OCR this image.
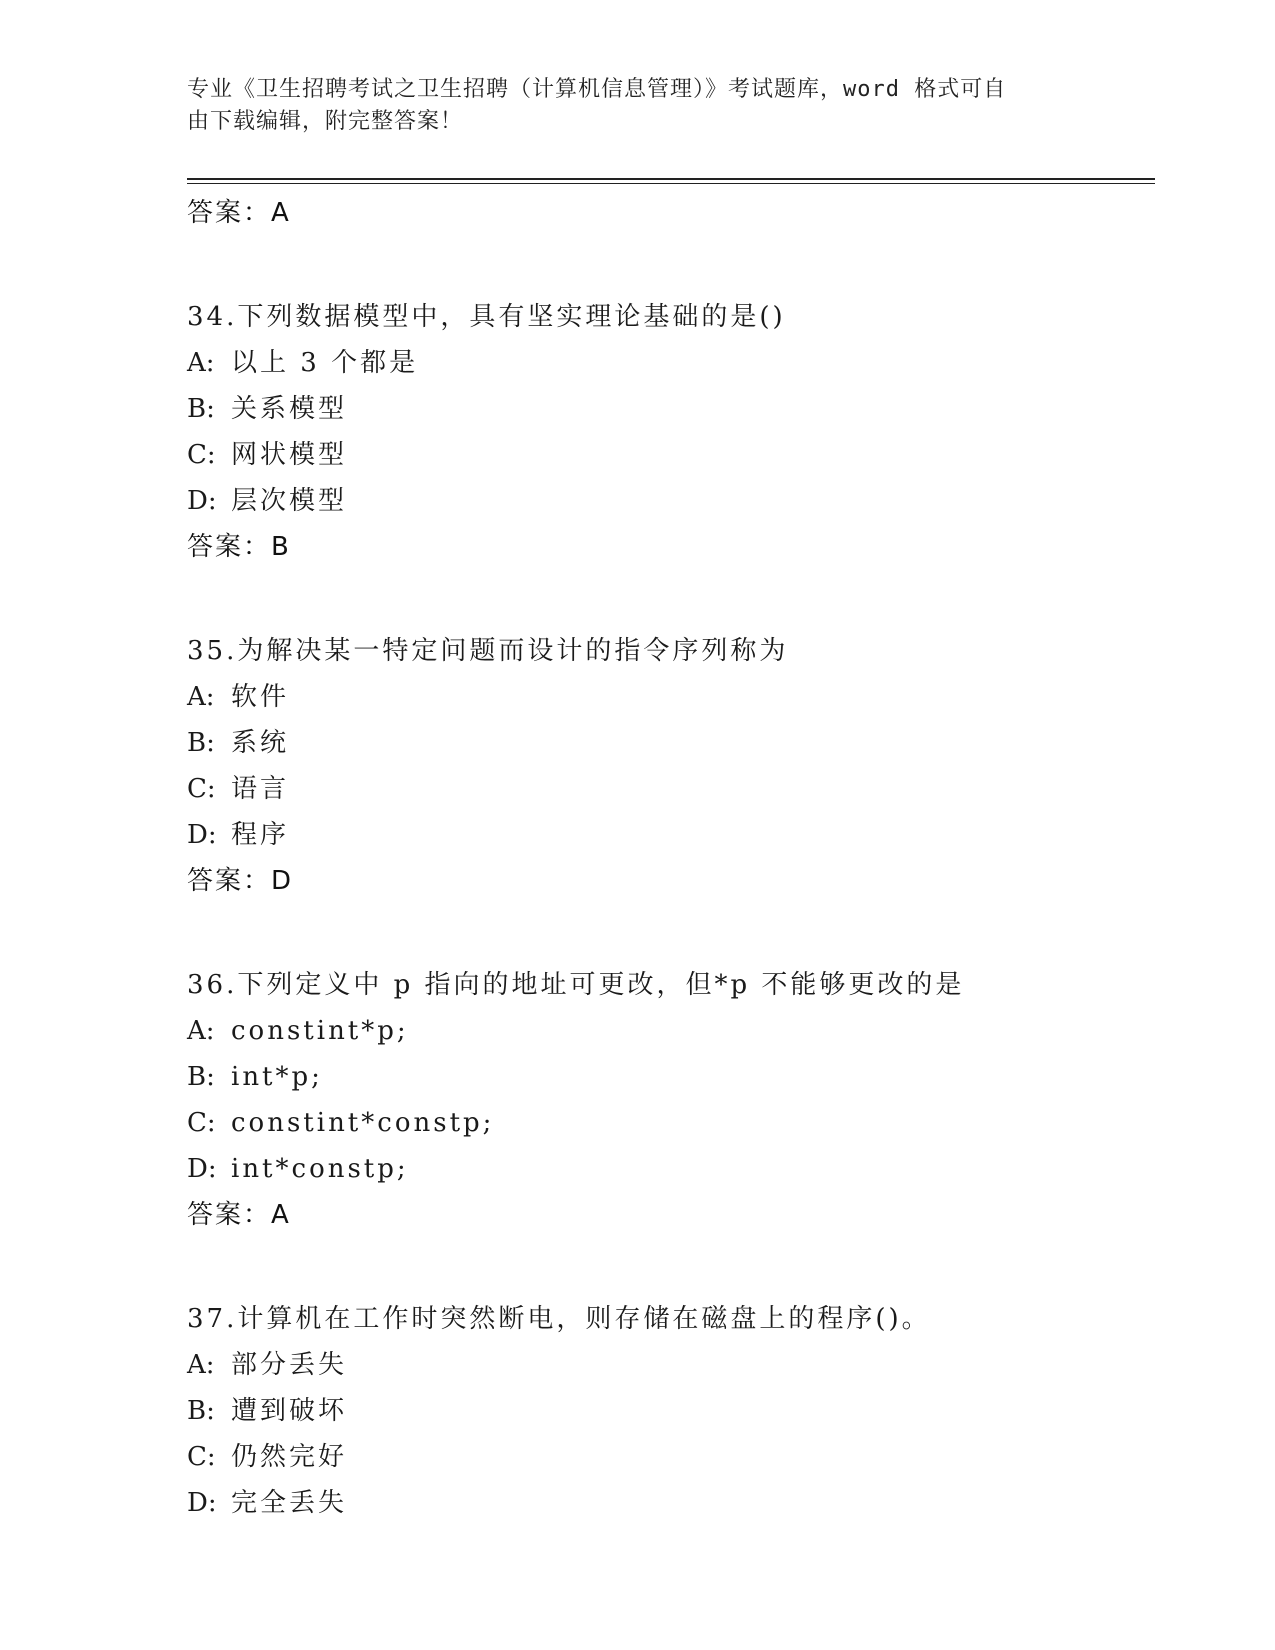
专业《卫生招聘考试之卫生招聘（计算机信息管理）》考试题库，word 格式可自
由下载编辑，附完整答案！
答案：A
34.下列数据模型中，具有坚实理论基础的是()
A: 以上 3 个都是
B: 关系模型
C: 网状模型
D: 层次模型
答案：B
35.为解决某一特定问题而设计的指令序列称为
A: 软件
B: 系统
C: 语言
D: 程序
答案：D
36.下列定义中 p 指向的地址可更改，但*p 不能够更改的是
A: constint*p;
B: int*p;
C: constint*constp;
D: int*constp;
答案：A
37.计算机在工作时突然断电，则存储在磁盘上的程序()。
A: 部分丢失
B: 遭到破坏
C: 仍然完好
D: 完全丢失
